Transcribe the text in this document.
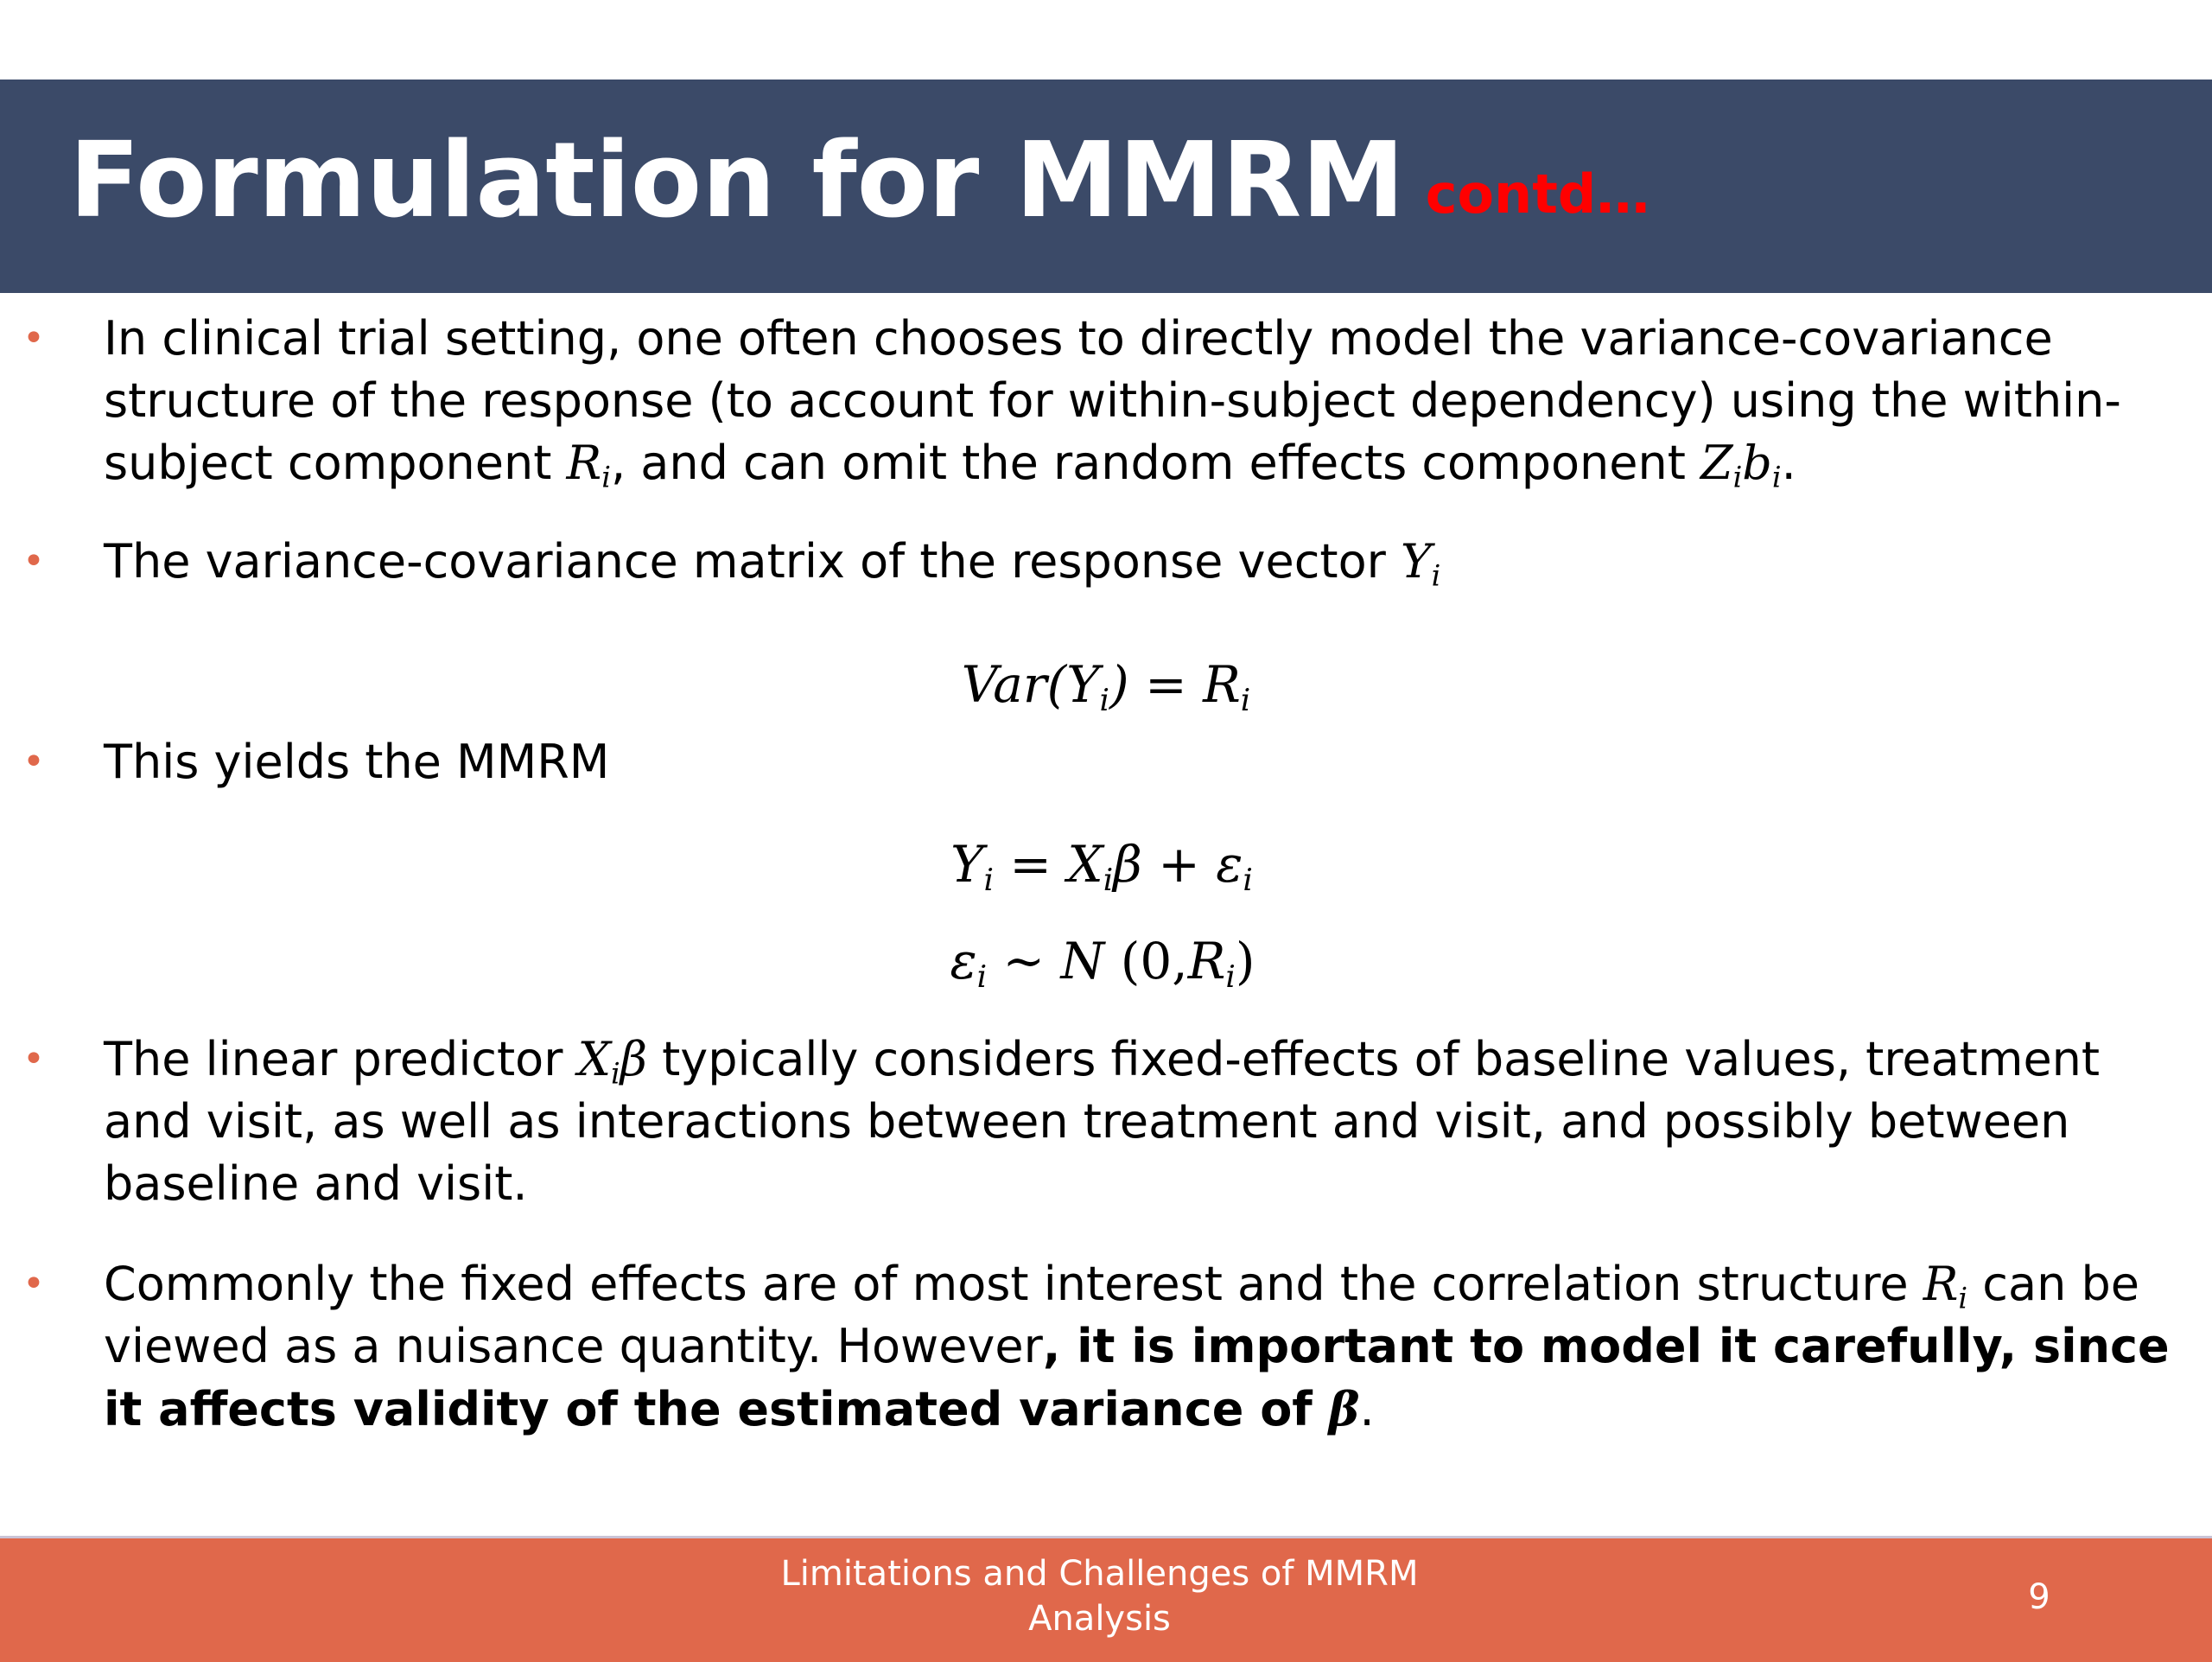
Formulation for MMRM contd…
• In clinical trial setting, one often chooses to directly model the variance-covariance structure of the response (to account for within-subject dependency) using the within-subject component $R_i$, and can omit the random effects component $Z_ib_i$.
• The variance-covariance matrix of the response vector $Y_i$
$Var(Y_i) = R_i$
• This yields the MMRM
$Y_i = X_i\beta + \varepsilon_i$
$\varepsilon_i$ ~ N $(0,R_i)$
• The linear predictor $X_i\beta$ typically considers fixed-effects of baseline values, treatment and visit, as well as interactions between treatment and visit, and possibly between baseline and visit.
• Commonly the fixed effects are of most interest and the correlation structure $R_i$ can be viewed as a nuisance quantity. However, it is important to model it carefully, since it affects validity of the estimated variance of β.
Limitations and Challenges of MMRM
Analysis
9
